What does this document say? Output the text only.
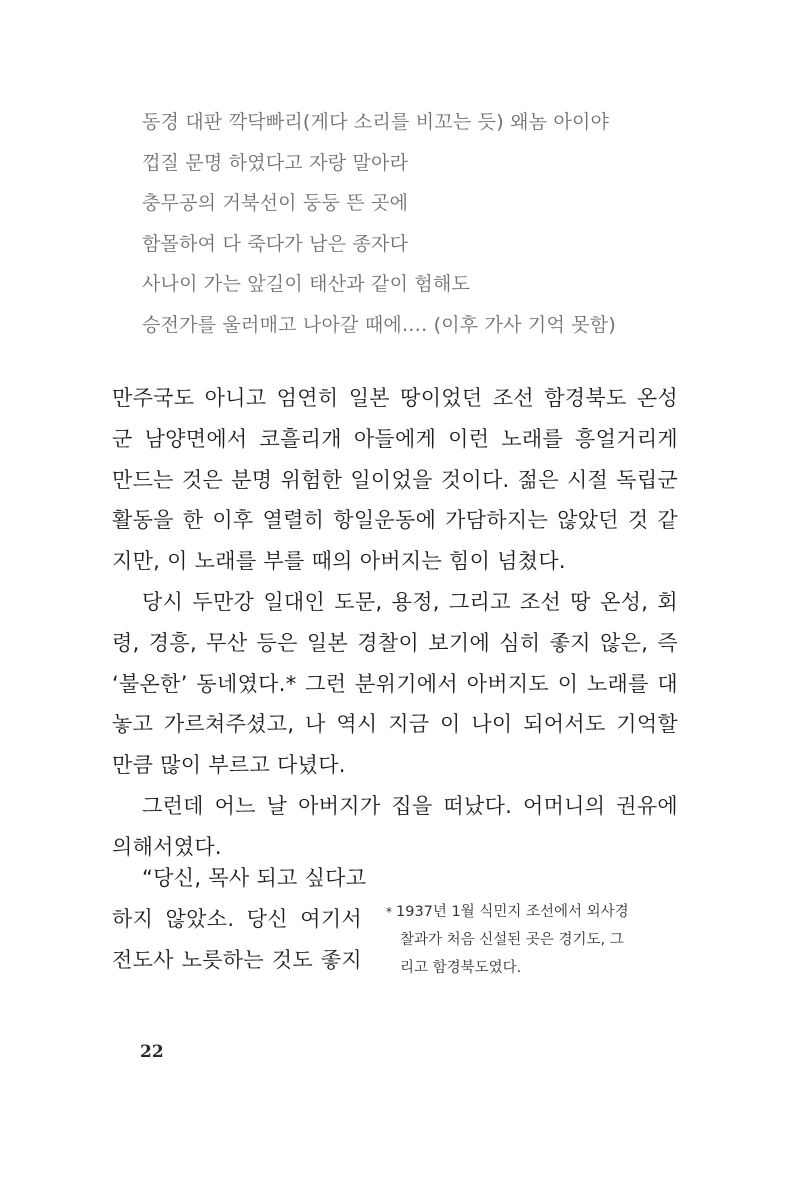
동경 대판 깍닥빠리(게다 소리를 비꼬는 듯) 왜놈 아이야
껍질 문명 하였다고 자랑 말아라
충무공의 거북선이 둥둥 뜬 곳에
함몰하여 다 죽다가 남은 종자다
사나이 가는 앞길이 태산과 같이 험해도
승전가를 울러매고 나아갈 때에…. (이후 가사 기억 못함)
만주국도 아니고 엄연히 일본 땅이었던 조선 함경북도 온성
군 남양면에서 코흘리개 아들에게 이런 노래를 흥얼거리게
만드는 것은 분명 위험한 일이었을 것이다. 젊은 시절 독립군
활동을 한 이후 열렬히 항일운동에 가담하지는 않았던 것 같
지만, 이 노래를 부를 때의 아버지는 힘이 넘쳤다.
당시 두만강 일대인 도문, 용정, 그리고 조선 땅 온성, 회
령, 경흥, 무산 등은 일본 경찰이 보기에 심히 좋지 않은, 즉
‘불온한’ 동네였다.* 그런 분위기에서 아버지도 이 노래를 대
놓고 가르쳐주셨고, 나 역시 지금 이 나이 되어서도 기억할
만큼 많이 부르고 다녔다.
그런데 어느 날 아버지가 집을 떠났다. 어머니의 권유에
의해서였다.
“당신, 목사 되고 싶다고
하지 않았소. 당신 여기서
전도사 노릇하는 것도 좋지
* 1937년 1월 식민지 조선에서 외사경
찰과가 처음 신설된 곳은 경기도, 그
리고 함경북도였다.
22
